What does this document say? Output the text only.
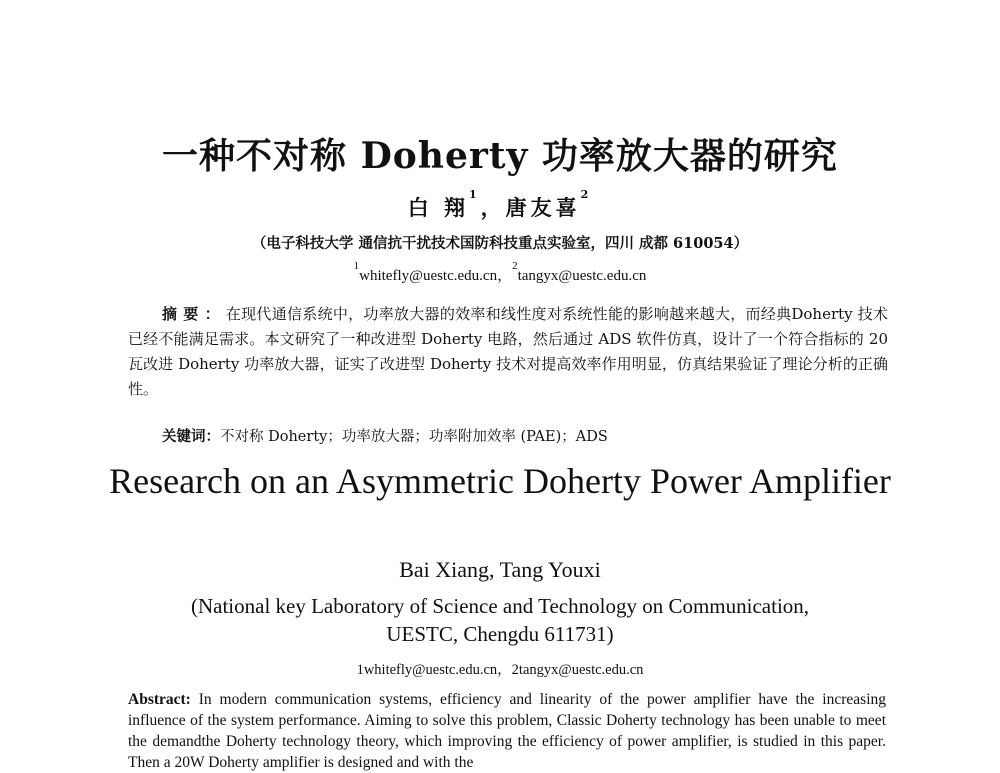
一种不对称 Doherty 功率放大器的研究
白 翔$^1$，唐友喜$^2$
（电子科技大学 通信抗干扰技术国防科技重点实验室，四川 成都 610054）
$^1$whitefly@uestc.edu.cn，$^2$tangyx@uestc.edu.cn
摘要：在现代通信系统中，功率放大器的效率和线性度对系统性能的影响越来越大，而经典Doherty 技术已经不能满足需求。本文研究了一种改进型 Doherty 电路，然后通过 ADS 软件仿真，设计了一个符合指标的 20 瓦改进 Doherty 功率放大器，证实了改进型 Doherty 技术对提高效率作用明显，仿真结果验证了理论分析的正确性。
关键词：不对称 Doherty；功率放大器；功率附加效率 (PAE)；ADS
Research on an Asymmetric Doherty Power Amplifier
Bai Xiang, Tang Youxi
(National key Laboratory of Science and Technology on Communication,
UESTC, Chengdu 611731)
1whitefly@uestc.edu.cn，2tangyx@uestc.edu.cn
Abstract: In modern communication systems, efficiency and linearity of the power amplifier have the increasing influence of the system performance. Aiming to solve this problem, Classic Doherty technology has been unable to meet the demandthe Doherty technology theory, which improving the efficiency of power amplifier, is studied in this paper. Then a 20W Doherty amplifier is designed and with the
